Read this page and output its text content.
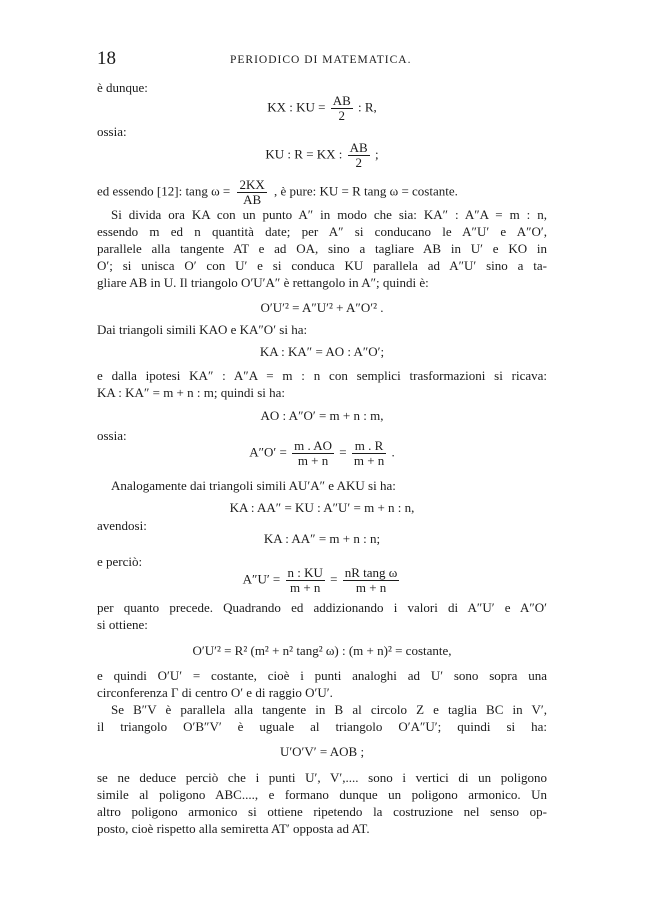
18	PERIODICO DI MATEMATICA.
è dunque:
KX : KU = $\frac{AB}{2}$ : R,
ossia:
KU : R = KX : $\frac{AB}{2}$ ;
ed essendo [12]: tang $\omega = \frac{2KX}{AB}$ , è pure: KU = R tang ω = costante.
Si divida ora KA con un punto A″ in modo che sia: KA″ : A″A = m : n,
essendo m ed n quantità date; per A″ si conducano le A″U′ e A″O′,
parallele alla tangente AT e ad OA, sino a tagliare AB in U′ e KO in
O′; si unisca O′ con U′ e si conduca KU parallela ad A″U′ sino a ta-
gliare AB in U. Il triangolo O′U′A″ è rettangolo in A″; quindi è:
O′U′² = A″U′² + A″O′² .
Dai triangoli simili KAO e KA″O′ si ha:
KA : KA″ = AO : A″O′;
e dalla ipotesi KA″ : A″A = m : n con semplici trasformazioni si ricava:
KA : KA″ = m + n : m; quindi si ha:
AO : A″O′ = m + n : m,
ossia:
$A''O' = \frac{m . AO}{m + n} = \frac{m . R}{m + n}$ .
Analogamente dai triangoli simili AU′A″ e AKU si ha:
KA : AA″ = KU : A″U′ = m + n : n,
avendosi:
KA : AA″ = m + n : n;
e perciò:
$A''U' = \frac{n : KU}{m + n} = \frac{\text{nR tang ω}}{m + n}$
per quanto precede. Quadrando ed addizionando i valori di A″U′ e A″O′
si ottiene:
O′U′² = R² (m² + n² tang² ω) : (m + n)² = costante,
e quindi O′U′ = costante, cioè i punti analoghi ad U′ sono sopra una
circonferenza Γ di centro O′ e di raggio O′U′.
Se B″V è parallela alla tangente in B al circolo Z e taglia BC in V′,
il triangolo O′B″V′ è uguale al triangolo O′A″U′; quindi si ha:
U′O′V′ = AOB ;
se ne deduce perciò che i punti U′, V′,.... sono i vertici di un poligono
simile al poligono ABC...., e formano dunque un poligono armonico. Un
altro poligono armonico si ottiene ripetendo la costruzione nel senso op-
posto, cioè rispetto alla semiretta AT′ opposta ad AT.
